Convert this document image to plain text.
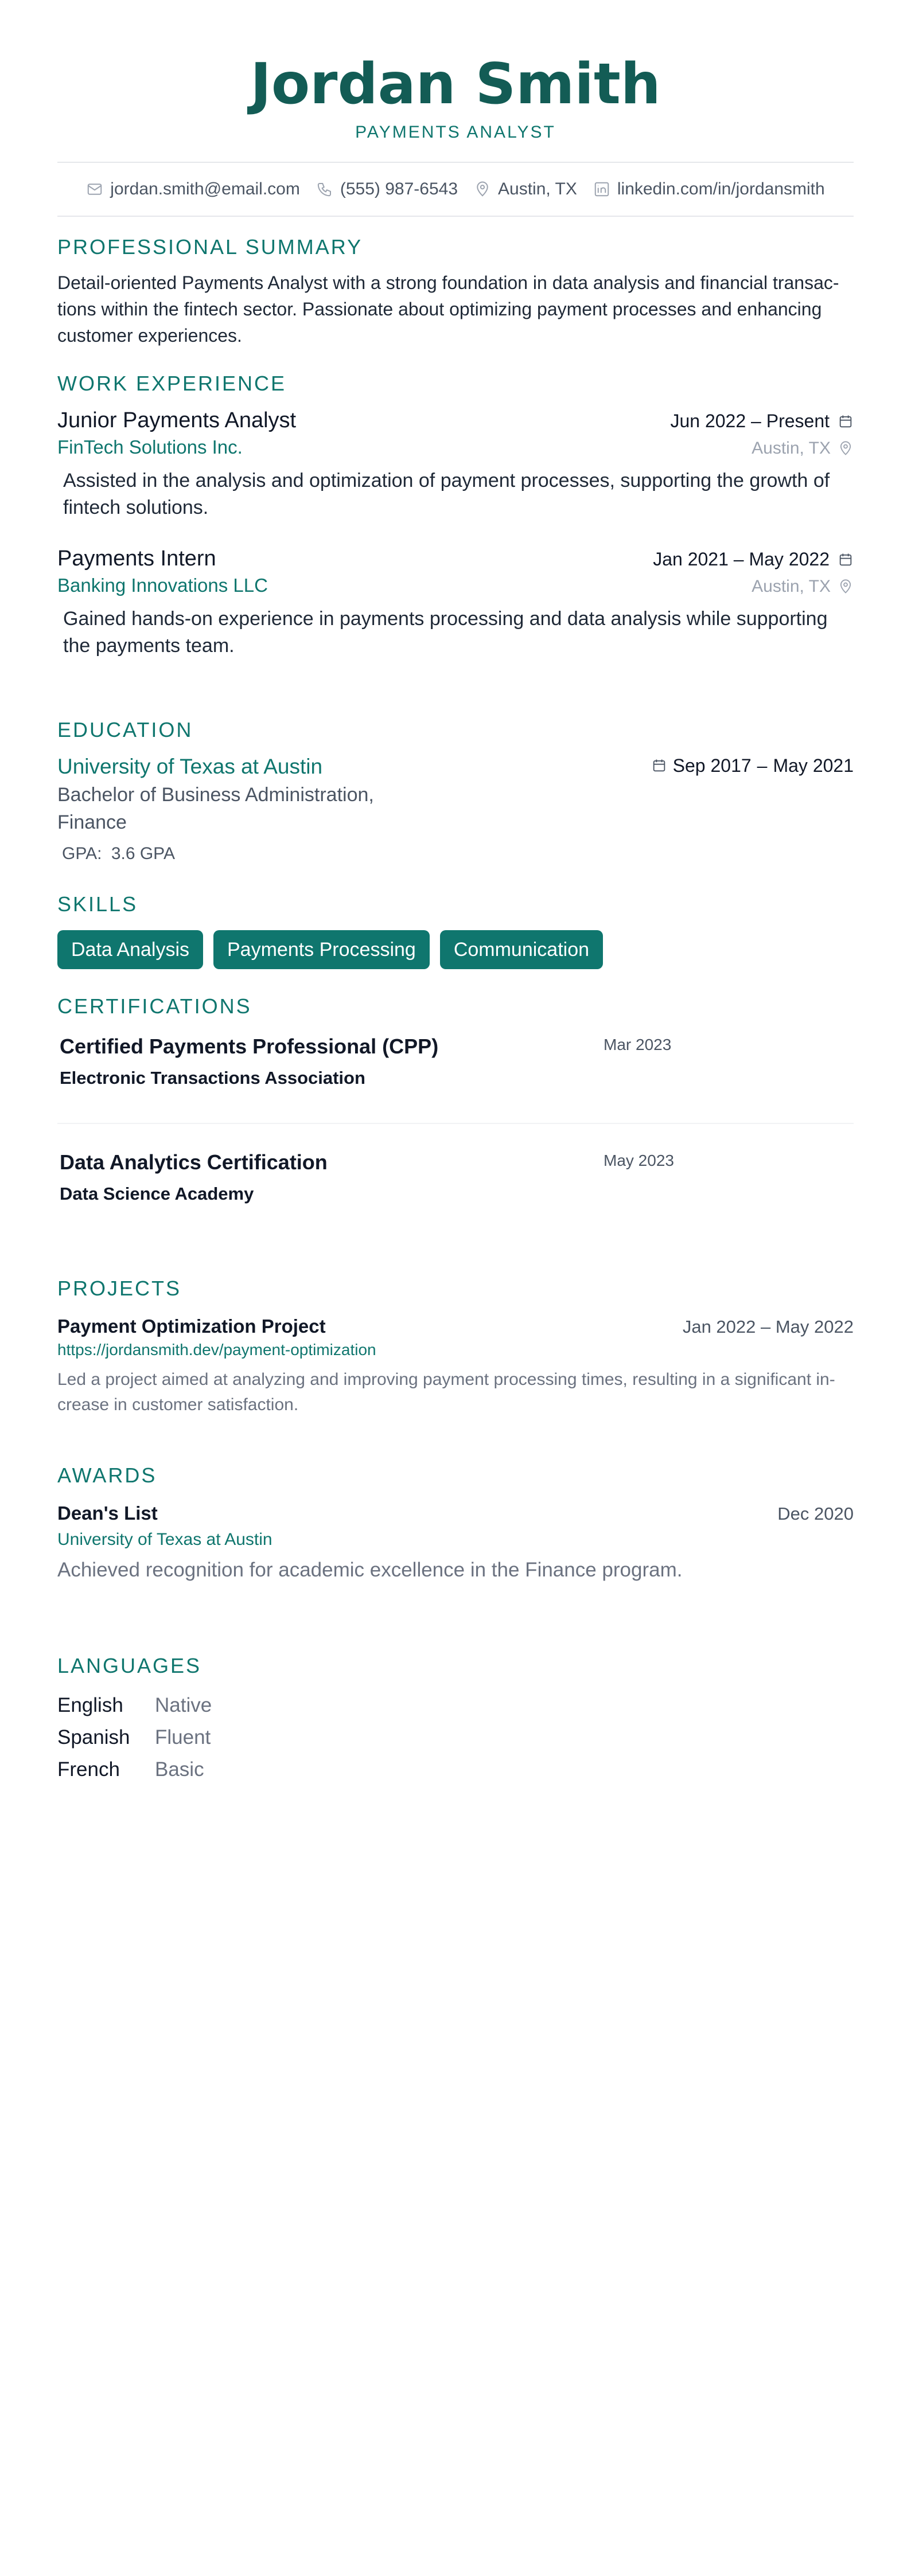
Jordan Smith
PAYMENTS ANALYST
jordan.smith@email.com (555) 987-6543 Austin, TX linkedin.com/in/jordansmith
PROFESSIONAL SUMMARY
Detail-oriented Payments Analyst with a strong foundation in data analysis and financial transac-
tions within the fintech sector. Passionate about optimizing payment processes and enhancing
customer experiences.
WORK EXPERIENCE
Junior Payments Analyst	Jun 2022 – Present
FinTech Solutions Inc.	Austin, TX
Assisted in the analysis and optimization of payment processes, supporting the growth of
fintech solutions.
Payments Intern	Jan 2021 – May 2022
Banking Innovations LLC	Austin, TX
Gained hands-on experience in payments processing and data analysis while supporting
the payments team.
EDUCATION
University of Texas at Austin	Sep 2017 – May 2021
Bachelor of Business Administration,
Finance
GPA: 3.6 GPA
SKILLS
Data Analysis	Payments Processing	Communication
CERTIFICATIONS
Certified Payments Professional (CPP)	Mar 2023
Electronic Transactions Association
Data Analytics Certification	May 2023
Data Science Academy
PROJECTS
Payment Optimization Project	Jan 2022 – May 2022
https://jordansmith.dev/payment-optimization
Led a project aimed at analyzing and improving payment processing times, resulting in a significant in-
crease in customer satisfaction.
AWARDS
Dean's List	Dec 2020
University of Texas at Austin
Achieved recognition for academic excellence in the Finance program.
LANGUAGES
English	Native
Spanish	Fluent
French	Basic
